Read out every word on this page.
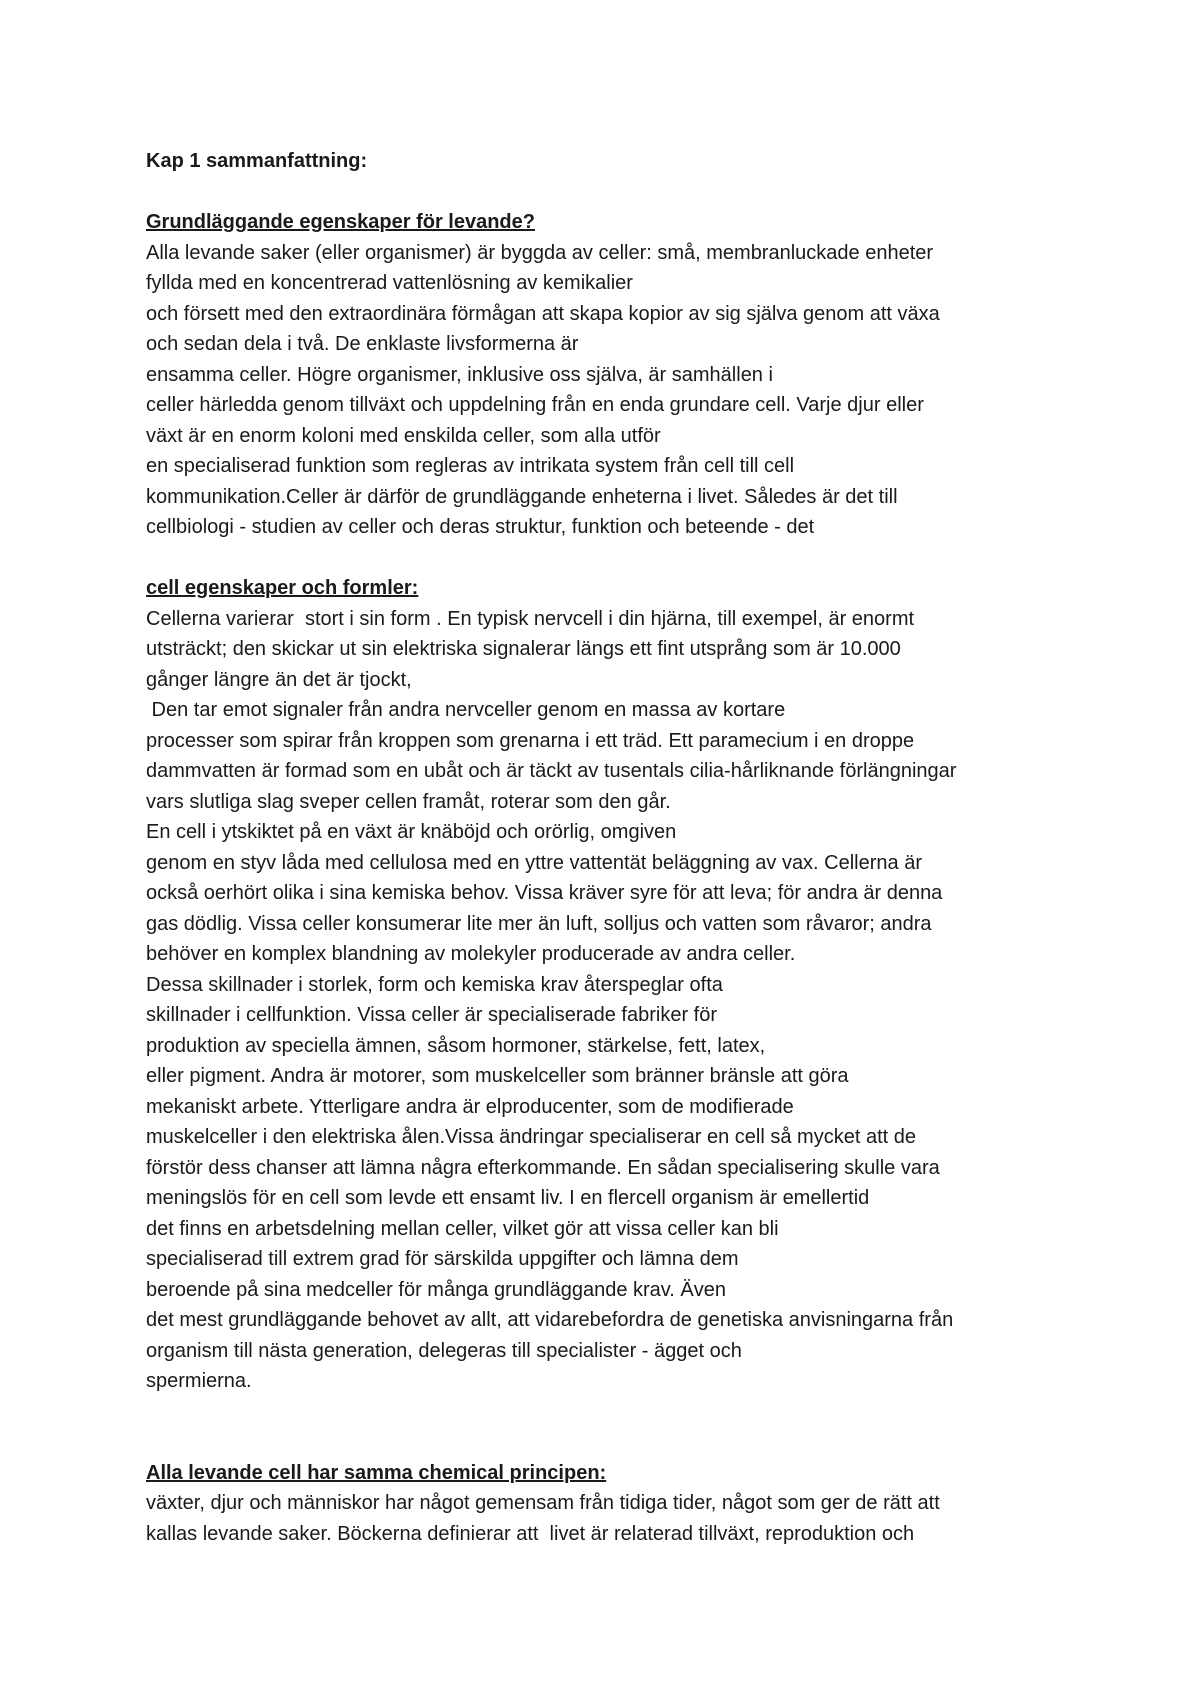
Kap 1 sammanfattning:
Grundläggande egenskaper för levande?
Alla levande saker (eller organismer) är byggda av celler: små, membranluckade enheter
fyllda med en koncentrerad vattenlösning av kemikalier
och försett med den extraordinära förmågan att skapa kopior av sig själva genom att växa
och sedan dela i två. De enklaste livsformerna är
ensamma celler. Högre organismer, inklusive oss själva, är samhällen i
celler härledda genom tillväxt och uppdelning från en enda grundare cell. Varje djur eller
växt är en enorm koloni med enskilda celler, som alla utför
en specialiserad funktion som regleras av intrikata system från cell till cell
kommunikation.Celler är därför de grundläggande enheterna i livet. Således är det till
cellbiologi - studien av celler och deras struktur, funktion och beteende - det
cell egenskaper och formler:
Cellerna varierar  stort i sin form . En typisk nervcell i din hjärna, till exempel, är enormt
utsträckt; den skickar ut sin elektriska signalerar längs ett fint utsprång som är 10.000
gånger längre än det är tjockt,
Den tar emot signaler från andra nervceller genom en massa av kortare
processer som spirar från kroppen som grenarna i ett träd. Ett paramecium i en droppe
dammvatten är formad som en ubåt och är täckt av tusentals cilia-hårliknande förlängningar
vars slutliga slag sveper cellen framåt, roterar som den går.
En cell i ytskiktet på en växt är knäböjd och orörlig, omgiven
genom en styv låda med cellulosa med en yttre vattentät beläggning av vax. Cellerna är
också oerhört olika i sina kemiska behov. Vissa kräver syre för att leva; för andra är denna
gas dödlig. Vissa celler konsumerar lite mer än luft, solljus och vatten som råvaror; andra
behöver en komplex blandning av molekyler producerade av andra celler.
Dessa skillnader i storlek, form och kemiska krav återspeglar ofta
skillnader i cellfunktion. Vissa celler är specialiserade fabriker för
produktion av speciella ämnen, såsom hormoner, stärkelse, fett, latex,
eller pigment. Andra är motorer, som muskelceller som bränner bränsle att göra
mekaniskt arbete. Ytterligare andra är elproducenter, som de modifierade
muskelceller i den elektriska ålen.Vissa ändringar specialiserar en cell så mycket att de
förstör dess chanser att lämna några efterkommande. En sådan specialisering skulle vara
meningslös för en cell som levde ett ensamt liv. I en flercell organism är emellertid
det finns en arbetsdelning mellan celler, vilket gör att vissa celler kan bli
specialiserad till extrem grad för särskilda uppgifter och lämna dem
beroende på sina medceller för många grundläggande krav. Även
det mest grundläggande behovet av allt, att vidarebefordra de genetiska anvisningarna från
organism till nästa generation, delegeras till specialister - ägget och
spermierna.
Alla levande cell har samma chemical principen:
växter, djur och människor har något gemensam från tidiga tider, något som ger de rätt att
kallas levande saker. Böckerna definierar att  livet är relaterad tillväxt, reproduktion och
